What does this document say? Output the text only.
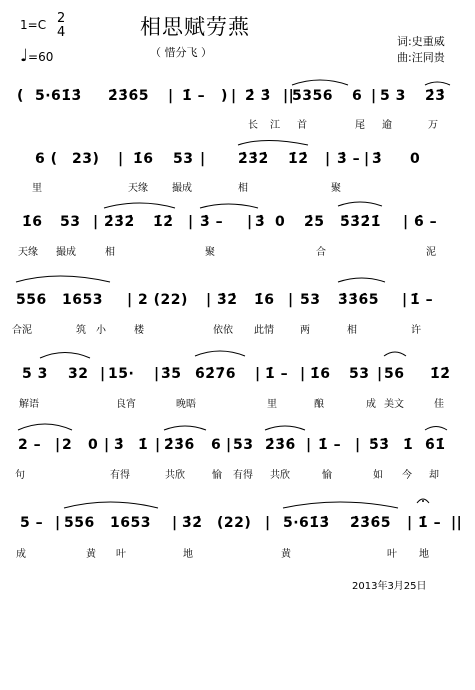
1=C 2
4
♩=60
相思赋劳燕
（ 惜分飞 ）
词:史重威
曲:汪同贵
( 5·61̇3̇ 2̇3̇6̇5 | 1̇ – ) | 2̇ 3̇ ||
5356 6 | 5 3 2̇3̇
长 江 首	尾 逾	万
6 ( 23) | 1̇6 53 | 2̇3̇2̇ 1̇2̇ | 3̇ – | 3̇ 0
里	天缘 撮成	相	聚
1̇6 53 | 2̇3̇2̇ 1̇2̇ | 3̇ – | 3̇ 0 2̇5 5̇3̇2̇1̇ | 6̇ –
天缘 撮成	相	聚	合	泥
556 1653 | 2 (22) | 3̇2̇ 1̇6 | 53 3̇3̇6̇5 | 1̇ –
合泥	筑 小	楼	依依 此情	两	相	许
5 3 32 | 15· | 3̇5 6̇2̇7̇6 | 1̇ – | 1̇6 53 | 56 1̇2̇
解语	良宵	晚晤	里	酿	成 美文	佳
2 – | 2 0 | 3̇ 1̇ | 2̇3̇6̇ 6 | 53 2̇3̇6̇ | 1̇ – | 5̇3̇ 1̇ 6̇1̇
句	有得	共欣	愉 有得 共欣	愉	如 今 却
5 – | 556 1653 | 3̇2̇ (22) | 5·61̇3̇ 2̇3̇6̇5 | 1̇ – ||
成	黄 叶	地	黄	叶 地
2013年3月25日
